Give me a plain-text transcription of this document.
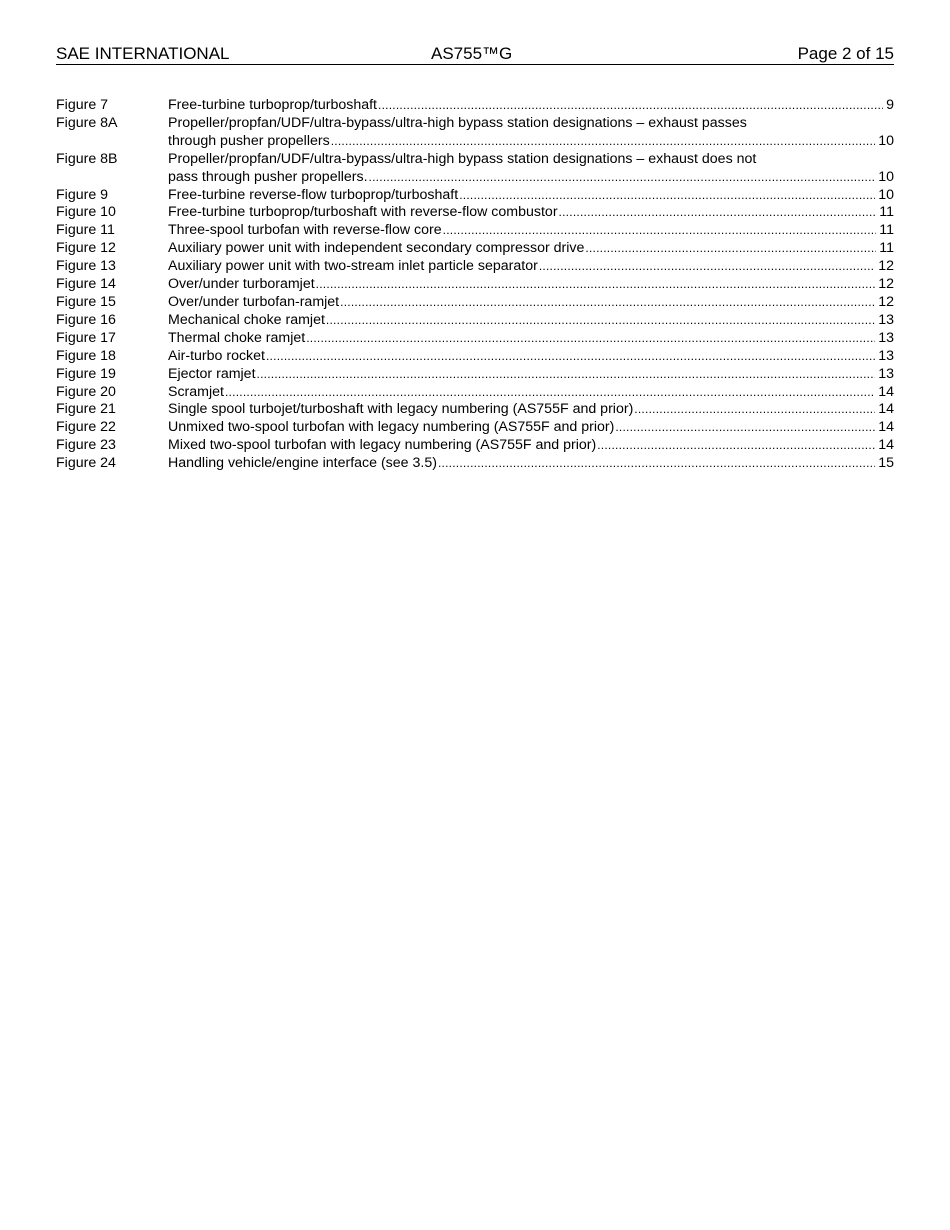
SAE INTERNATIONAL	AS755™G	Page 2 of 15
Figure 7	Free-turbine turboprop/turboshaft . . .	9
Figure 8A	Propeller/propfan/UDF/ultra-bypass/ultra-high bypass station designations – exhaust passes
through pusher propellers . . .	10
Figure 8B	Propeller/propfan/UDF/ultra-bypass/ultra-high bypass station designations – exhaust does not
pass through pusher propellers. . . .	10
Figure 9	Free-turbine reverse-flow turboprop/turboshaft . . .	10
Figure 10	Free-turbine turboprop/turboshaft with reverse-flow combustor . . .	11
Figure 11	Three-spool turbofan with reverse-flow core . . .	11
Figure 12	Auxiliary power unit with independent secondary compressor drive . . .	11
Figure 13	Auxiliary power unit with two-stream inlet particle separator . . .	12
Figure 14	Over/under turboramjet . . .	12
Figure 15	Over/under turbofan-ramjet . . .	12
Figure 16	Mechanical choke ramjet . . .	13
Figure 17	Thermal choke ramjet . . .	13
Figure 18	Air-turbo rocket . . .	13
Figure 19	Ejector ramjet . . .	13
Figure 20	Scramjet . . .	14
Figure 21	Single spool turbojet/turboshaft with legacy numbering (AS755F and prior) . . .	14
Figure 22	Unmixed two-spool turbofan with legacy numbering (AS755F and prior) . . .	14
Figure 23	Mixed two-spool turbofan with legacy numbering (AS755F and prior) . . .	14
Figure 24	Handling vehicle/engine interface (see 3.5) . . .	15
